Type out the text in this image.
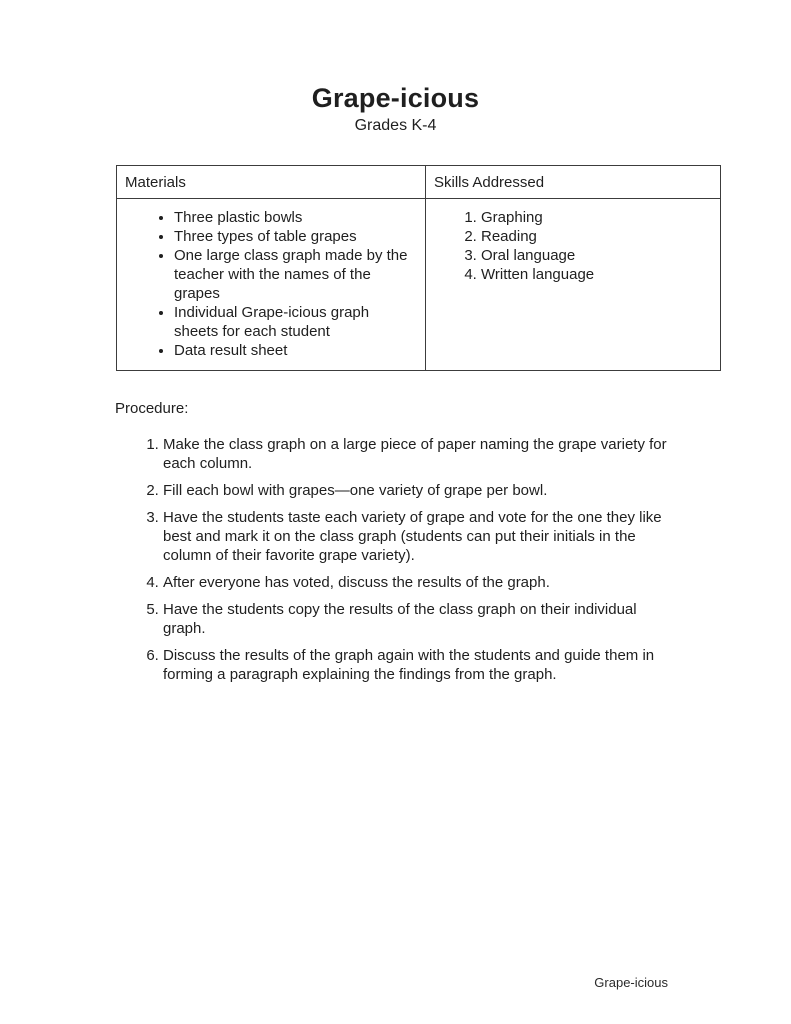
Grape-icious
Grades K-4
Materials	Skills Addressed
• Three plastic bowls
• Three types of table grapes
• One large class graph made by the teacher with the names of the grapes
• Individual Grape-icious graph sheets for each student
• Data result sheet
1. Graphing
2. Reading
3. Oral language
4. Written language
Procedure:
1. Make the class graph on a large piece of paper naming the grape variety for each column.
2. Fill each bowl with grapes—one variety of grape per bowl.
3. Have the students taste each variety of grape and vote for the one they like best and mark it on the class graph (students can put their initials in the column of their favorite grape variety).
4. After everyone has voted, discuss the results of the graph.
5. Have the students copy the results of the class graph on their individual graph.
6. Discuss the results of the graph again with the students and guide them in forming a paragraph explaining the findings from the graph.
Grape-icious
